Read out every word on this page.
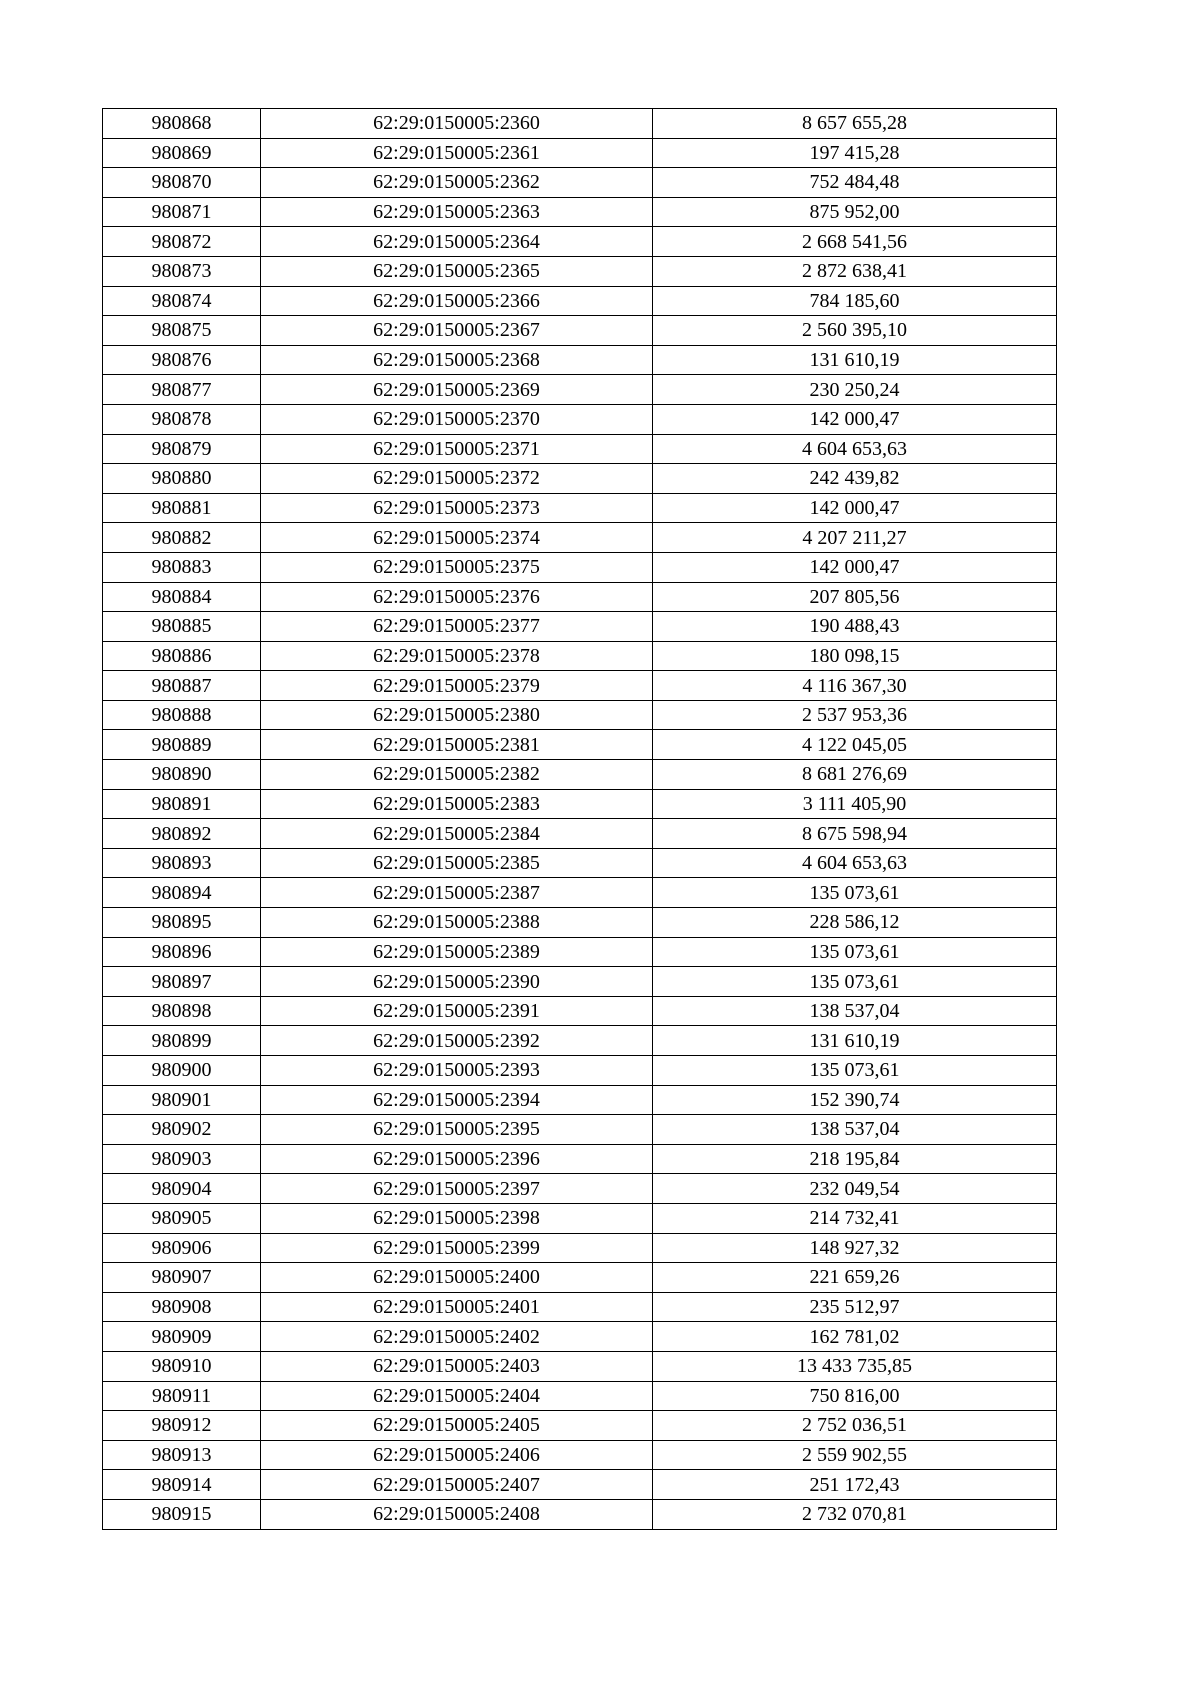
980868	62:29:0150005:2360	8 657 655,28
980869	62:29:0150005:2361	197 415,28
980870	62:29:0150005:2362	752 484,48
980871	62:29:0150005:2363	875 952,00
980872	62:29:0150005:2364	2 668 541,56
980873	62:29:0150005:2365	2 872 638,41
980874	62:29:0150005:2366	784 185,60
980875	62:29:0150005:2367	2 560 395,10
980876	62:29:0150005:2368	131 610,19
980877	62:29:0150005:2369	230 250,24
980878	62:29:0150005:2370	142 000,47
980879	62:29:0150005:2371	4 604 653,63
980880	62:29:0150005:2372	242 439,82
980881	62:29:0150005:2373	142 000,47
980882	62:29:0150005:2374	4 207 211,27
980883	62:29:0150005:2375	142 000,47
980884	62:29:0150005:2376	207 805,56
980885	62:29:0150005:2377	190 488,43
980886	62:29:0150005:2378	180 098,15
980887	62:29:0150005:2379	4 116 367,30
980888	62:29:0150005:2380	2 537 953,36
980889	62:29:0150005:2381	4 122 045,05
980890	62:29:0150005:2382	8 681 276,69
980891	62:29:0150005:2383	3 111 405,90
980892	62:29:0150005:2384	8 675 598,94
980893	62:29:0150005:2385	4 604 653,63
980894	62:29:0150005:2387	135 073,61
980895	62:29:0150005:2388	228 586,12
980896	62:29:0150005:2389	135 073,61
980897	62:29:0150005:2390	135 073,61
980898	62:29:0150005:2391	138 537,04
980899	62:29:0150005:2392	131 610,19
980900	62:29:0150005:2393	135 073,61
980901	62:29:0150005:2394	152 390,74
980902	62:29:0150005:2395	138 537,04
980903	62:29:0150005:2396	218 195,84
980904	62:29:0150005:2397	232 049,54
980905	62:29:0150005:2398	214 732,41
980906	62:29:0150005:2399	148 927,32
980907	62:29:0150005:2400	221 659,26
980908	62:29:0150005:2401	235 512,97
980909	62:29:0150005:2402	162 781,02
980910	62:29:0150005:2403	13 433 735,85
980911	62:29:0150005:2404	750 816,00
980912	62:29:0150005:2405	2 752 036,51
980913	62:29:0150005:2406	2 559 902,55
980914	62:29:0150005:2407	251 172,43
980915	62:29:0150005:2408	2 732 070,81
